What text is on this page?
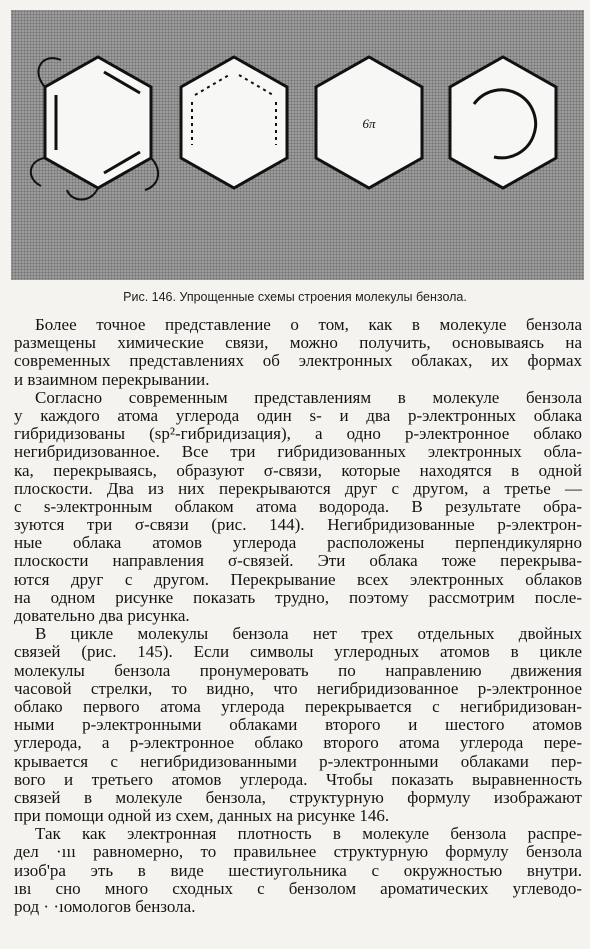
6π
Рис. 146. Упрощенные схемы строения молекулы бензола.
Более точное представление о том, как в молекуле бензола
размещены химические связи, можно получить, основываясь на
современных представлениях об электронных облаках, их формах
и взаимном перекрывании.
Согласно современным представлениям в молекуле бензола
у каждого атома углерода один s- и два p-электронных облака
гибридизованы (sp²-гибридизация), а одно p-электронное облако
негибридизованное. Все три гибридизованных электронных обла-
ка, перекрываясь, образуют σ-связи, которые находятся в одной
плоскости. Два из них перекрываются друг с другом, а третье —
с s-электронным облаком атома водорода. В результате обра-
зуются три σ-связи (рис. 144). Негибридизованные p-электрон-
ные облака атомов углерода расположены перпендикулярно
плоскости направления σ-связей. Эти облака тоже перекрыва-
ются друг с другом. Перекрывание всех электронных облаков
на одном рисунке показать трудно, поэтому рассмотрим после-
довательно два рисунка.
В цикле молекулы бензола нет трех отдельных двойных
связей (рис. 145). Если символы углеродных атомов в цикле
молекулы бензола пронумеровать по направлению движения
часовой стрелки, то видно, что негибридизованное p-электронное
облако первого атома углерода перекрывается с негибридизован-
ными p-электронными облаками второго и шестого атомов
углерода, а p-электронное облако второго атома углерода пере-
крывается с негибридизованными p-электронными облаками пер-
вого и третьего атомов углерода. Чтобы показать выравненность
связей в молекуле бензола, структурную формулу изображают
при помощи одной из схем, данных на рисунке 146.
Так как электронная плотность в молекуле бензола распре-
дел ·ııı равномерно, то правильнее структурную формулу бензола
изоб'ра эть в виде шестиугольника с окружностью внутри.
ıвı сно много сходных с бензолом ароматических углеводо-
род · ·ıомологов бензола.
